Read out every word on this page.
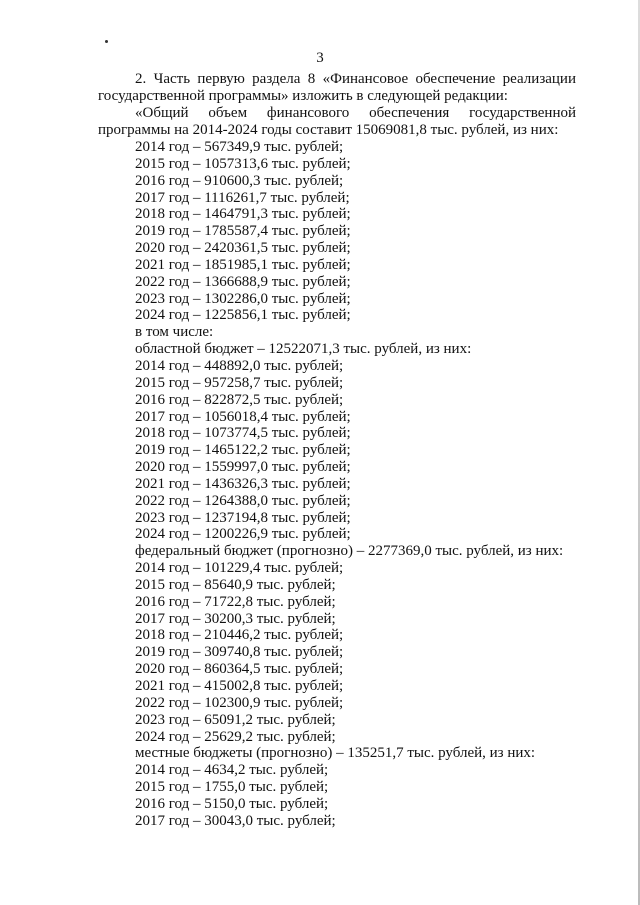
3

2. Часть первую раздела 8 «Финансовое обеспечение реализации государственной программы» изложить в следующей редакции:

«Общий объем финансового обеспечения государственной программы на 2014-2024 годы составит 15069081,8 тыс. рублей, из них:

2014 год – 567349,9 тыс. рублей;
2015 год – 1057313,6 тыс. рублей;
2016 год – 910600,3 тыс. рублей;
2017 год – 1116261,7 тыс. рублей;
2018 год – 1464791,3 тыс. рублей;
2019 год – 1785587,4 тыс. рублей;
2020 год – 2420361,5 тыс. рублей;
2021 год – 1851985,1 тыс. рублей;
2022 год – 1366688,9 тыс. рублей;
2023 год – 1302286,0 тыс. рублей;
2024 год – 1225856,1 тыс. рублей;
в том числе:
областной бюджет – 12522071,3 тыс. рублей, из них:
2014 год – 448892,0 тыс. рублей;
2015 год – 957258,7 тыс. рублей;
2016 год – 822872,5 тыс. рублей;
2017 год – 1056018,4 тыс. рублей;
2018 год – 1073774,5 тыс. рублей;
2019 год – 1465122,2 тыс. рублей;
2020 год – 1559997,0 тыс. рублей;
2021 год – 1436326,3 тыс. рублей;
2022 год – 1264388,0 тыс. рублей;
2023 год – 1237194,8 тыс. рублей;
2024 год – 1200226,9 тыс. рублей;
федеральный бюджет (прогнозно) – 2277369,0 тыс. рублей, из них:
2014 год – 101229,4 тыс. рублей;
2015 год – 85640,9 тыс. рублей;
2016 год – 71722,8 тыс. рублей;
2017 год – 30200,3 тыс. рублей;
2018 год – 210446,2 тыс. рублей;
2019 год – 309740,8 тыс. рублей;
2020 год – 860364,5 тыс. рублей;
2021 год – 415002,8 тыс. рублей;
2022 год – 102300,9 тыс. рублей;
2023 год – 65091,2 тыс. рублей;
2024 год – 25629,2 тыс. рублей;
местные бюджеты (прогнозно) – 135251,7 тыс. рублей, из них:
2014 год – 4634,2 тыс. рублей;
2015 год – 1755,0 тыс. рублей;
2016 год – 5150,0 тыс. рублей;
2017 год – 30043,0 тыс. рублей;
